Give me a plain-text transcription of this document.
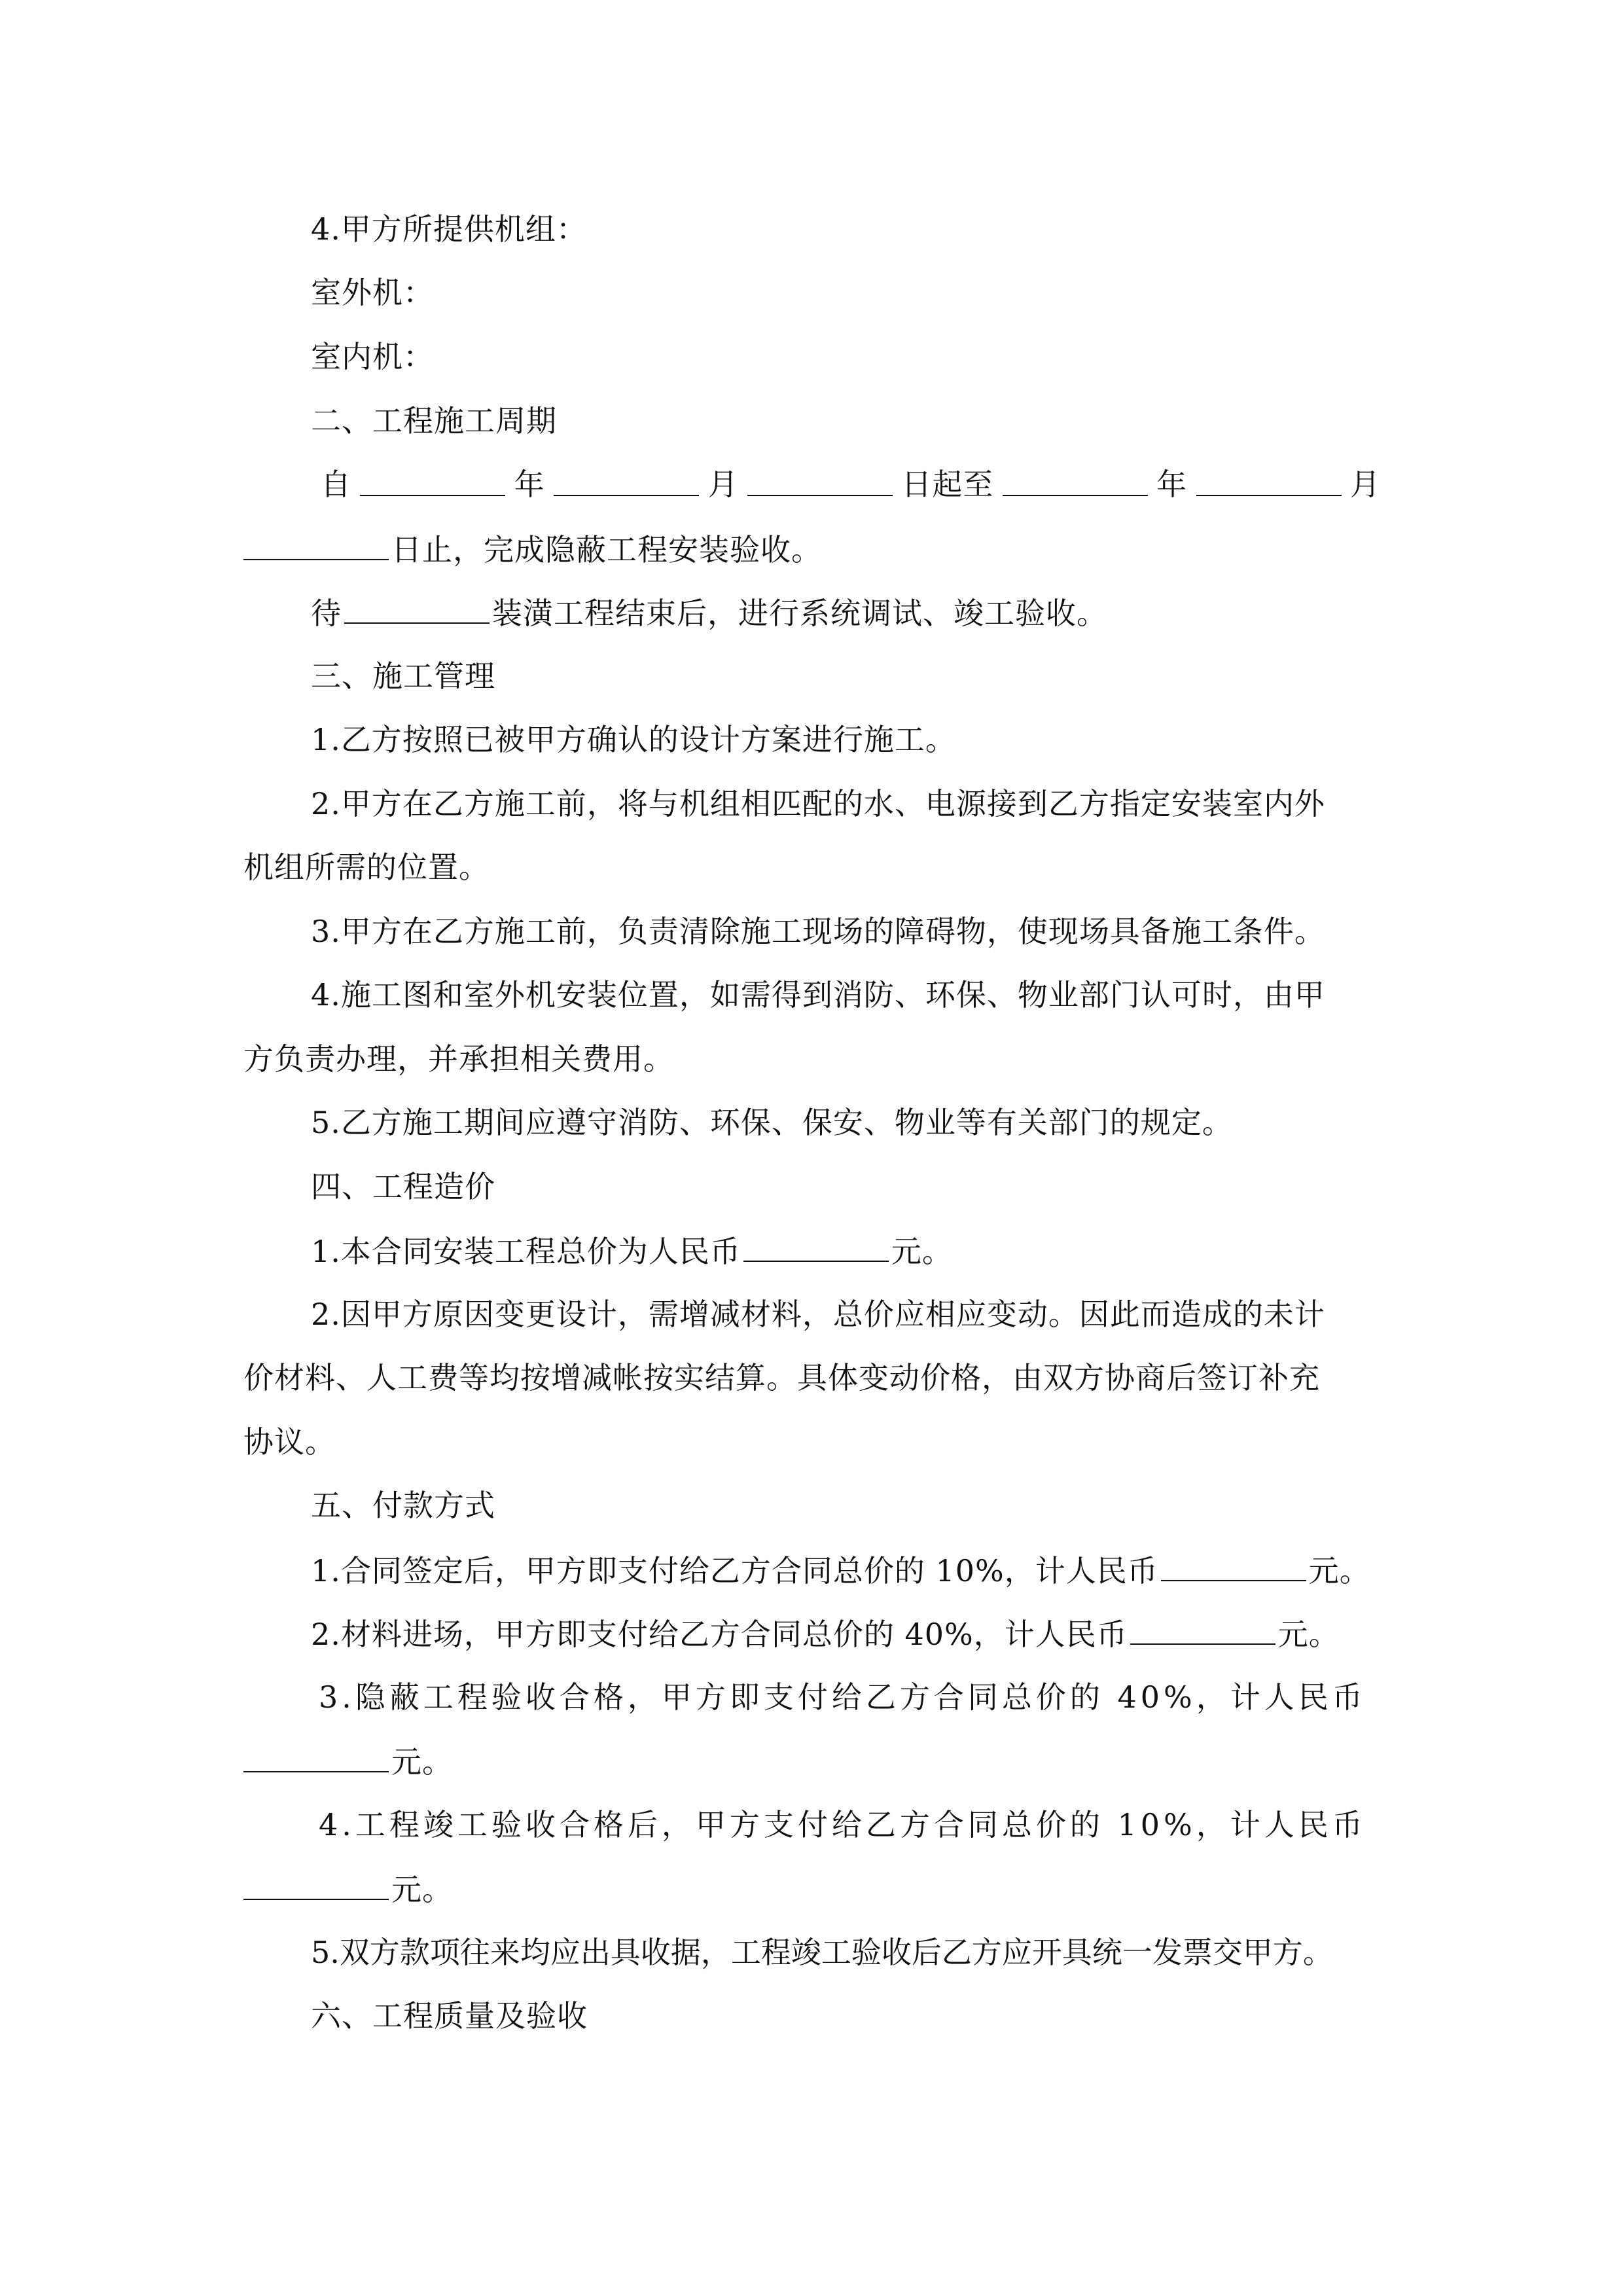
4.甲方所提供机组：
室外机：
室内机：
二、工程施工周期
自	年	月	日起至	年	月
日止，完成隐蔽工程安装验收。
待	装潢工程结束后，进行系统调试、竣工验收。
三、施工管理
1.乙方按照已被甲方确认的设计方案进行施工。
2.甲方在乙方施工前，将与机组相匹配的水、电源接到乙方指定安装室内外
机组所需的位置。
3.甲方在乙方施工前，负责清除施工现场的障碍物，使现场具备施工条件。
4.施工图和室外机安装位置，如需得到消防、环保、物业部门认可时，由甲
方负责办理，并承担相关费用。
5.乙方施工期间应遵守消防、环保、保安、物业等有关部门的规定。
四、工程造价
1.本合同安装工程总价为人民币	元。
2.因甲方原因变更设计，需增减材料，总价应相应变动。因此而造成的未计
价材料、人工费等均按增减帐按实结算。具体变动价格，由双方协商后签订补充
协议。
五、付款方式
1.合同签定后，甲方即支付给乙方合同总价的 10%，计人民币	元。
2.材料进场，甲方即支付给乙方合同总价的 40%，计人民币	元。
3.隐蔽工程验收合格，甲方即支付给乙方合同总价的 40%，计人民币
元。
4.工程竣工验收合格后，甲方支付给乙方合同总价的 10%，计人民币
元。
5.双方款项往来均应出具收据，工程竣工验收后乙方应开具统一发票交甲方。
六、工程质量及验收
